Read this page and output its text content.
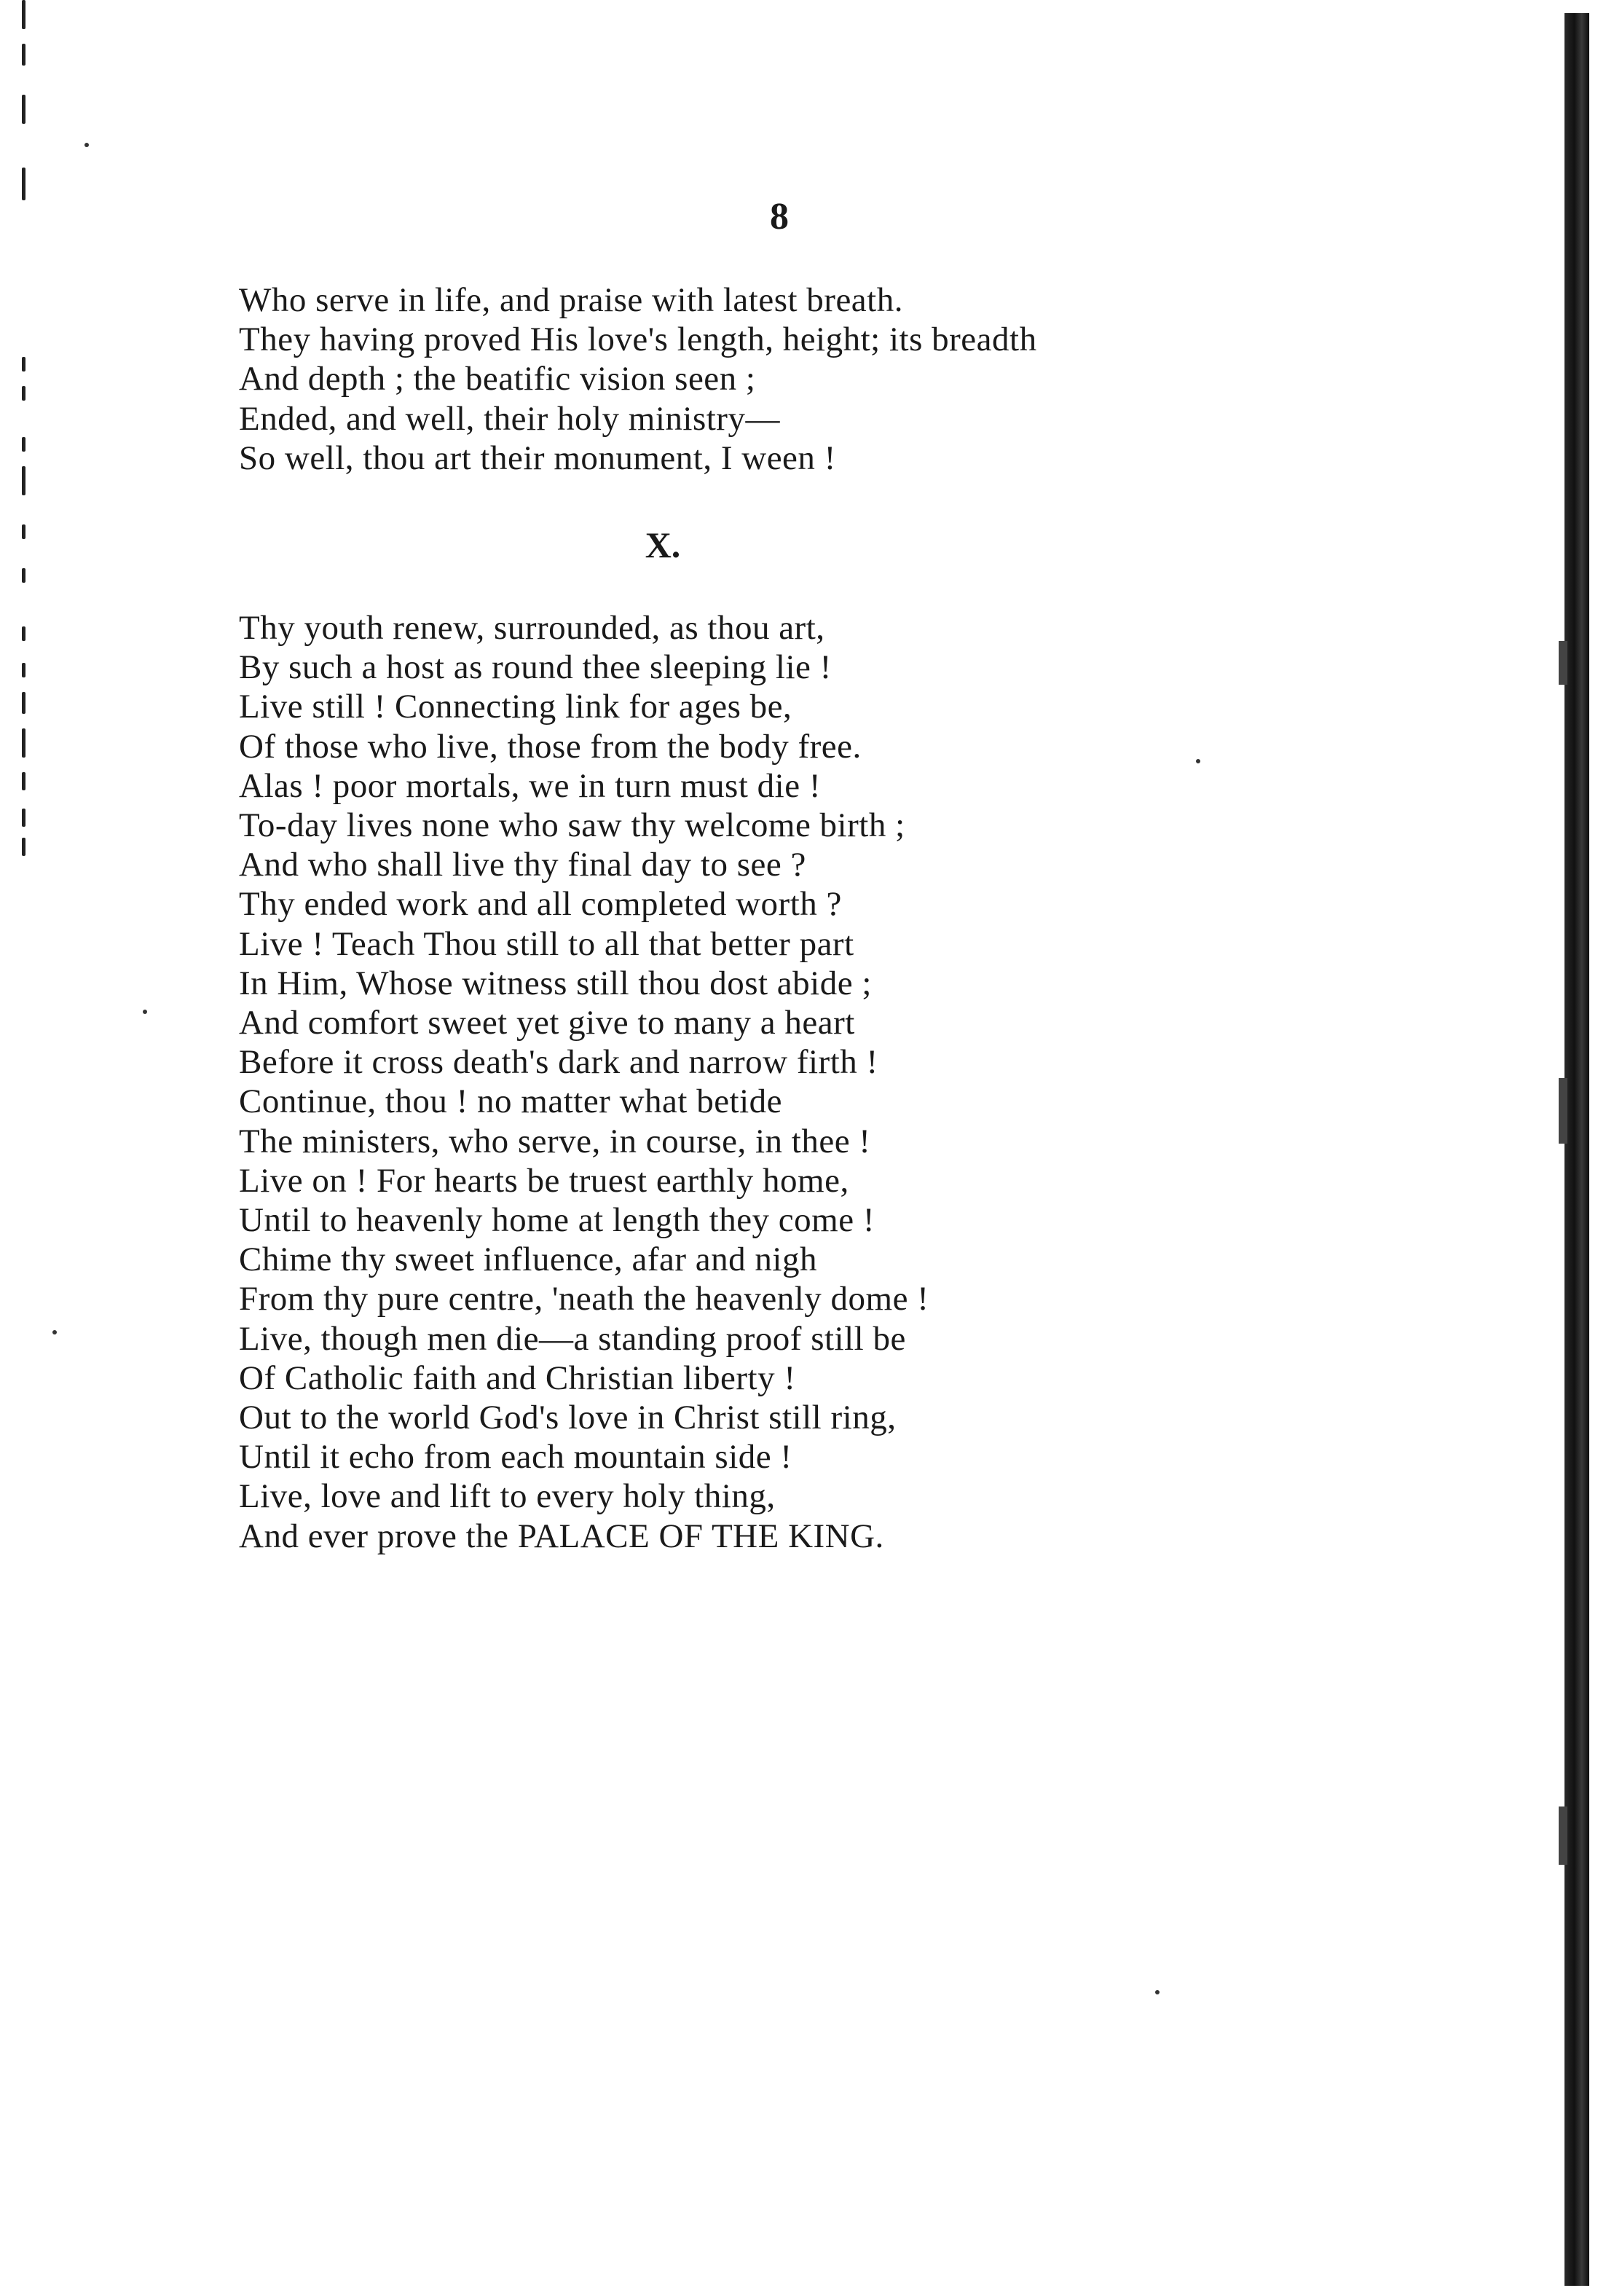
8
Who serve in life, and praise with latest breath.
They having proved His love's length, height; its breadth
And depth ; the beatific vision seen ;
Ended, and well, their holy ministry—
So well, thou art their monument, I ween !
X.
Thy youth renew, surrounded, as thou art,
By such a host as round thee sleeping lie !
Live still ! Connecting link for ages be,
Of those who live, those from the body free.
Alas ! poor mortals, we in turn must die !
To-day lives none who saw thy welcome birth ;
And who shall live thy final day to see ?
Thy ended work and all completed worth ?
Live ! Teach Thou still to all that better part
In Him, Whose witness still thou dost abide ;
And comfort sweet yet give to many a heart
Before it cross death's dark and narrow firth !
Continue, thou ! no matter what betide
The ministers, who serve, in course, in thee !
Live on ! For hearts be truest earthly home,
Until to heavenly home at length they come !
Chime thy sweet influence, afar and nigh
From thy pure centre, 'neath the heavenly dome !
Live, though men die—a standing proof still be
Of Catholic faith and Christian liberty !
Out to the world God's love in Christ still ring,
Until it echo from each mountain side !
Live, love and lift to every holy thing,
And ever prove the PALACE OF THE KING.
